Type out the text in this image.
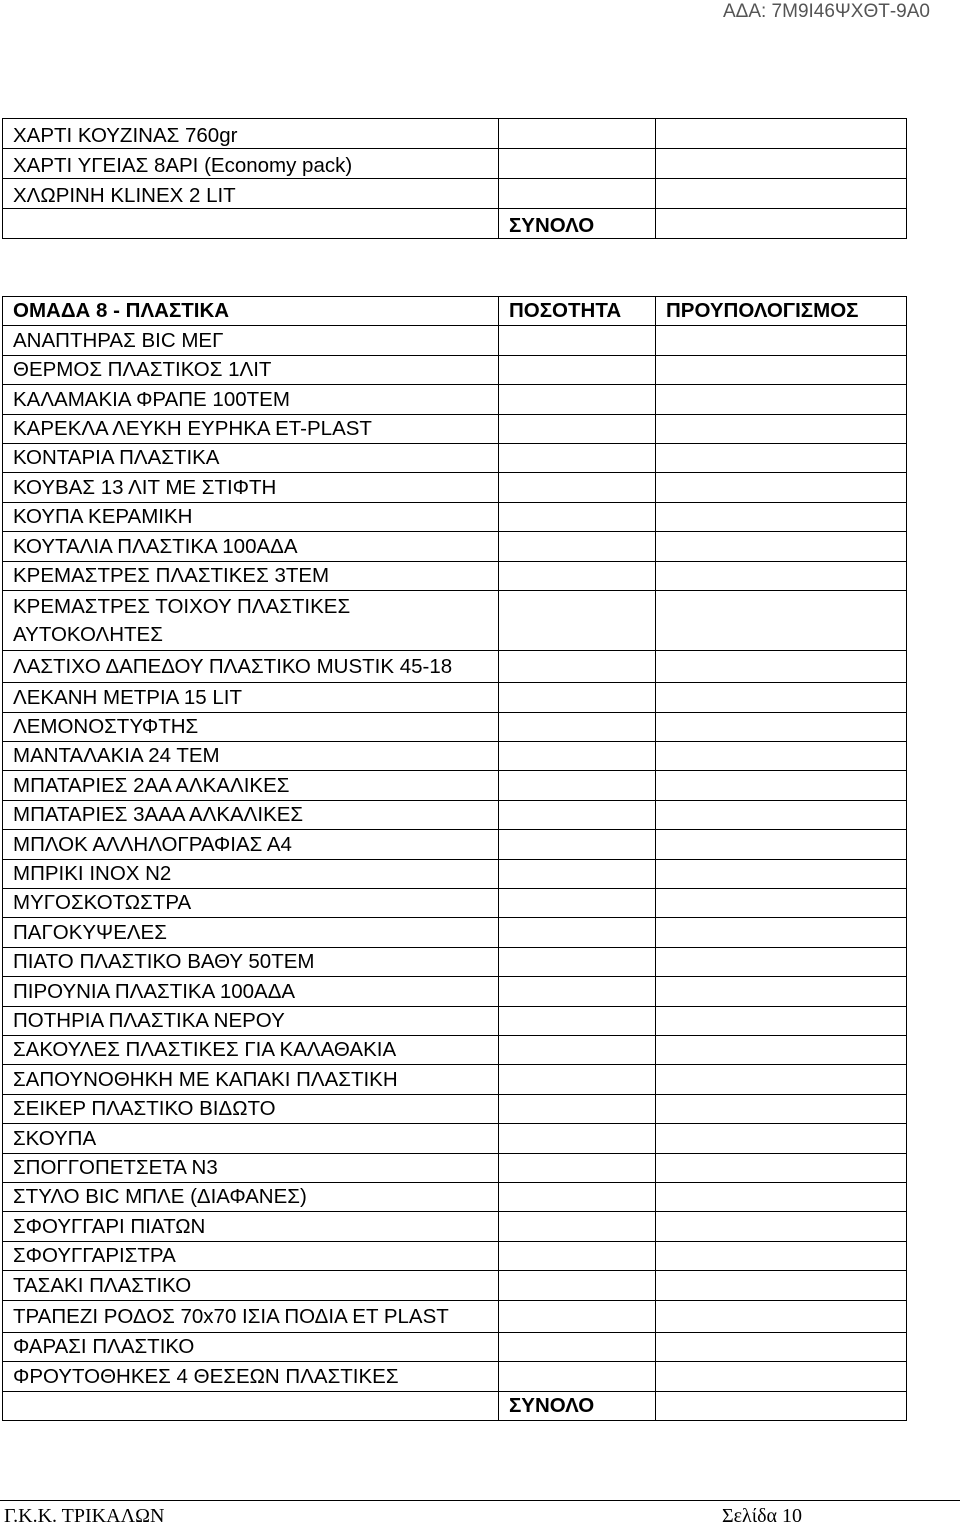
ΑΔΑ: 7Μ9Ι46ΨΧΘΤ-9Α0
ΧΑΡΤΙ ΚΟΥΖΙΝΑΣ 760gr		
ΧΑΡΤΙ ΥΓΕΙΑΣ 8ΑΡΙ (Economy pack)		
ΧΛΩΡΙΝΗ KLINEX 2 LIT		
	ΣΥΝΟΛΟ	
ΟΜΑΔΑ 8 - ΠΛΑΣΤΙΚΑ	ΠΟΣΟΤΗΤΑ	ΠΡΟΥΠΟΛΟΓΙΣΜΟΣ
ΑΝΑΠΤΗΡΑΣ BIC ΜΕΓ		
ΘΕΡΜΟΣ ΠΛΑΣΤΙΚΟΣ 1ΛΙΤ		
ΚΑΛΑΜΑΚΙΑ ΦΡΑΠΕ 100ΤΕΜ		
ΚΑΡΕΚΛΑ ΛΕΥΚΗ ΕΥΡΗΚΑ ET-PLAST		
ΚΟΝΤΑΡΙΑ ΠΛΑΣΤΙΚΑ		
ΚΟΥΒΑΣ 13 ΛΙΤ ΜΕ ΣΤΙΦΤΗ		
ΚΟΥΠΑ ΚΕΡΑΜΙΚΗ		
ΚΟΥΤΑΛΙΑ ΠΛΑΣΤΙΚΑ 100ΑΔΑ		
ΚΡΕΜΑΣΤΡΕΣ ΠΛΑΣΤΙΚΕΣ 3ΤΕΜ		
ΚΡΕΜΑΣΤΡΕΣ ΤΟΙΧΟΥ ΠΛΑΣΤΙΚΕΣ ΑΥΤΟΚΟΛΗΤΕΣ		
ΛΑΣΤΙΧΟ ΔΑΠΕΔΟΥ ΠΛΑΣΤΙΚΟ MUSTIK 45-18		
ΛΕΚΑΝΗ ΜΕΤΡΙΑ 15 LIT		
ΛΕΜΟΝΟΣΤΥΦΤΗΣ		
ΜΑΝΤΑΛΑΚΙΑ 24 ΤΕΜ		
ΜΠΑΤΑΡΙΕΣ 2ΑΑ ΑΛΚΑΛΙΚΕΣ		
ΜΠΑΤΑΡΙΕΣ 3ΑΑΑ ΑΛΚΑΛΙΚΕΣ		
ΜΠΛΟΚ ΑΛΛΗΛΟΓΡΑΦΙΑΣ Α4		
ΜΠΡΙΚΙ ΙΝΟΧ Ν2		
ΜΥΓΟΣΚΟΤΩΣΤΡΑ		
ΠΑΓΟΚΥΨΕΛΕΣ		
ΠΙΑΤΟ ΠΛΑΣΤΙΚΟ ΒΑΘΥ 50ΤΕΜ		
ΠΙΡΟΥΝΙΑ ΠΛΑΣΤΙΚΑ 100ΑΔΑ		
ΠΟΤΗΡΙΑ ΠΛΑΣΤΙΚΑ ΝΕΡΟΥ		
ΣΑΚΟΥΛΕΣ ΠΛΑΣΤΙΚΕΣ ΓΙΑ ΚΑΛΑΘΑΚΙΑ		
ΣΑΠΟΥΝΟΘΗΚΗ ΜΕ ΚΑΠΑΚΙ ΠΛΑΣΤΙΚΗ		
ΣΕΙΚΕΡ ΠΛΑΣΤΙΚΟ ΒΙΔΩΤΟ		
ΣΚΟΥΠΑ		
ΣΠΟΓΓΟΠΕΤΣΕΤΑ Ν3		
ΣΤΥΛΟ BIC ΜΠΛΕ (ΔΙΑΦΑΝΕΣ)		
ΣΦΟΥΓΓΑΡΙ ΠΙΑΤΩΝ		
ΣΦΟΥΓΓΑΡΙΣΤΡΑ		
ΤΑΣΑΚΙ ΠΛΑΣΤΙΚΟ		
ΤΡΑΠΕΖΙ ΡΟΔΟΣ 70x70 ΙΣΙΑ ΠΟΔΙΑ ET PLAST		
ΦΑΡΑΣΙ ΠΛΑΣΤΙΚΟ		
ΦΡΟΥΤΟΘΗΚΕΣ 4 ΘΕΣΕΩΝ ΠΛΑΣΤΙΚΕΣ		
	ΣΥΝΟΛΟ	
Γ.Κ.Κ. ΤΡΙΚΑΛΩΝ	Σελίδα 10
